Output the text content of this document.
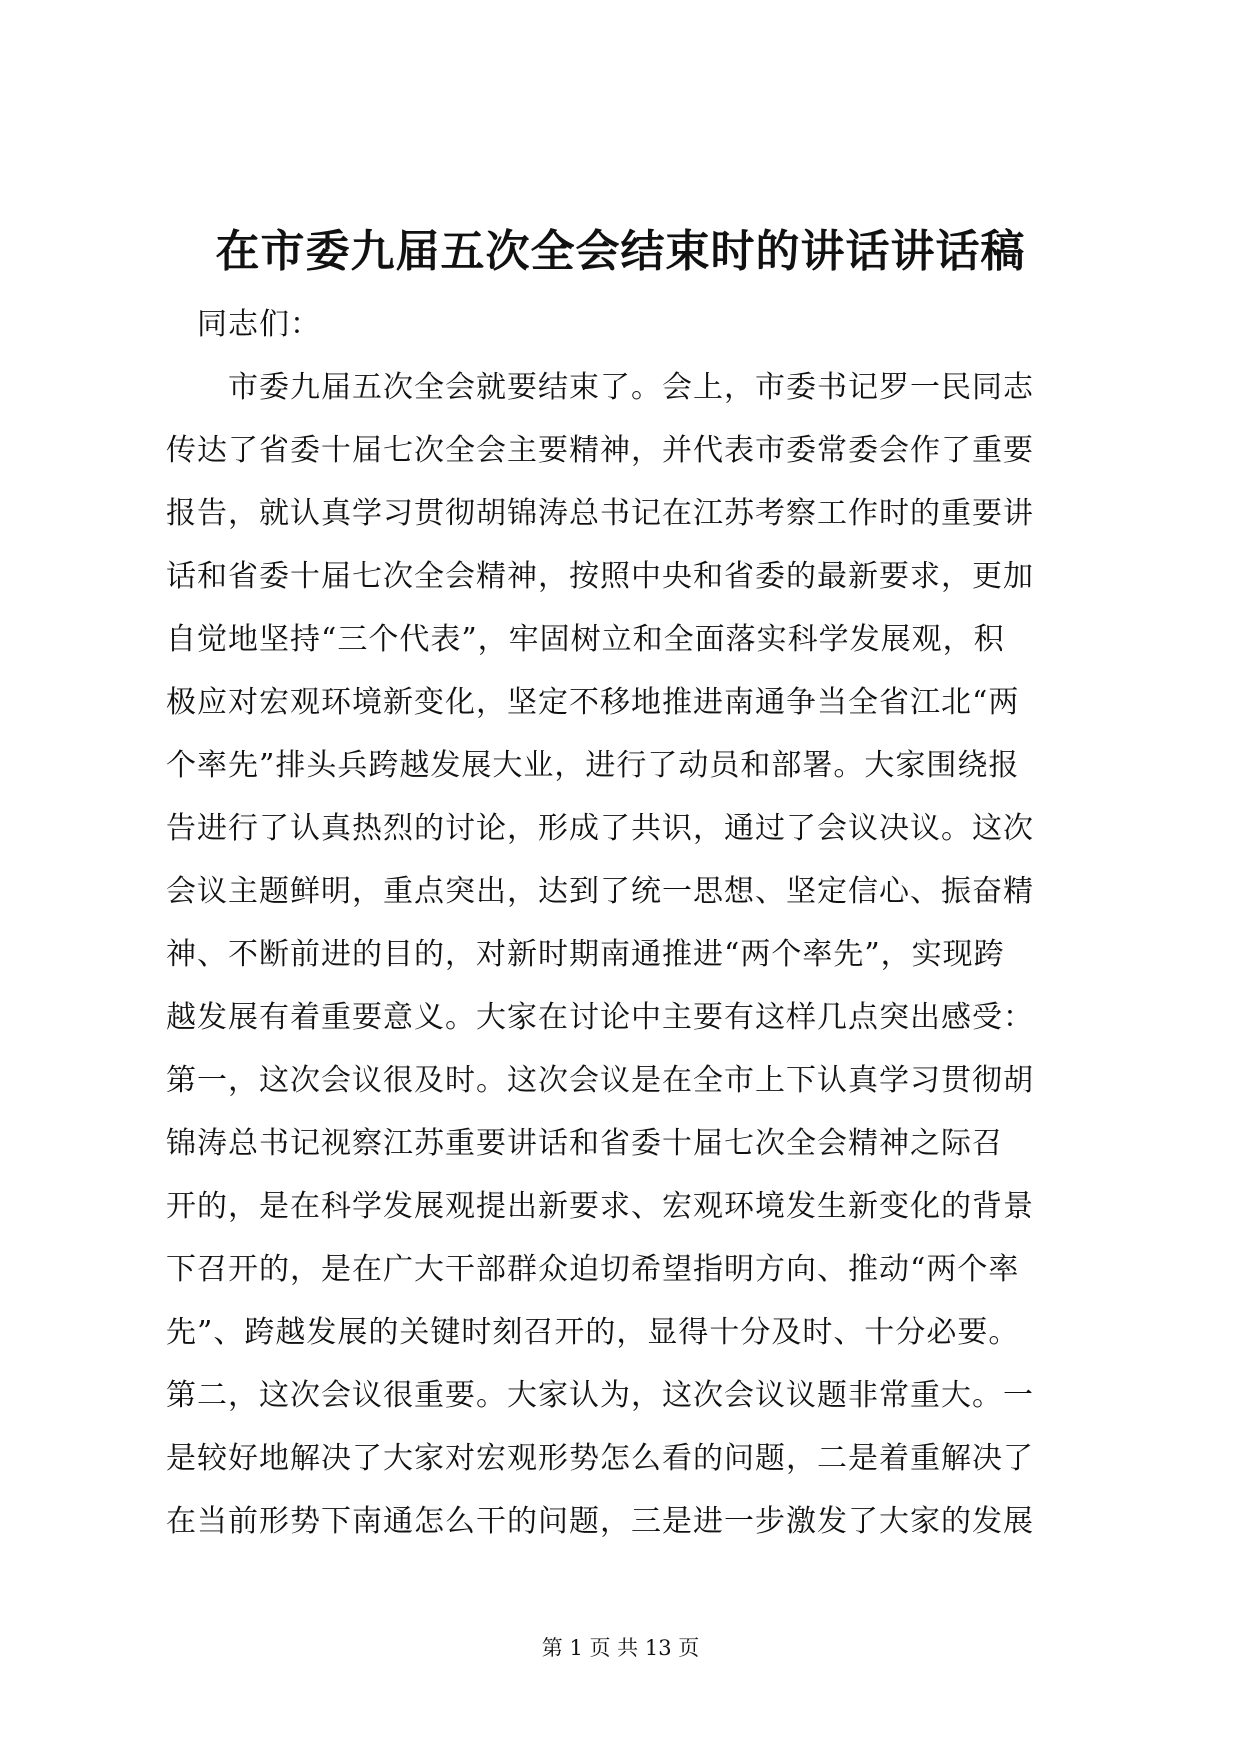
在市委九届五次全会结束时的讲话讲话稿
　同志们：
　　市委九届五次全会就要结束了。会上，市委书记罗一民同志
传达了省委十届七次全会主要精神，并代表市委常委会作了重要
报告，就认真学习贯彻胡锦涛总书记在江苏考察工作时的重要讲
话和省委十届七次全会精神，按照中央和省委的最新要求，更加
自觉地坚持“三个代表”，牢固树立和全面落实科学发展观，积
极应对宏观环境新变化，坚定不移地推进南通争当全省江北“两
个率先”排头兵跨越发展大业，进行了动员和部署。大家围绕报
告进行了认真热烈的讨论，形成了共识，通过了会议决议。这次
会议主题鲜明，重点突出，达到了统一思想、坚定信心、振奋精
神、不断前进的目的，对新时期南通推进“两个率先”，实现跨
越发展有着重要意义。大家在讨论中主要有这样几点突出感受：
第一，这次会议很及时。这次会议是在全市上下认真学习贯彻胡
锦涛总书记视察江苏重要讲话和省委十届七次全会精神之际召
开的，是在科学发展观提出新要求、宏观环境发生新变化的背景
下召开的，是在广大干部群众迫切希望指明方向、推动“两个率
先”、跨越发展的关键时刻召开的，显得十分及时、十分必要。
第二，这次会议很重要。大家认为，这次会议议题非常重大。一
是较好地解决了大家对宏观形势怎么看的问题，二是着重解决了
在当前形势下南通怎么干的问题，三是进一步激发了大家的发展
第 1 页 共 13 页
